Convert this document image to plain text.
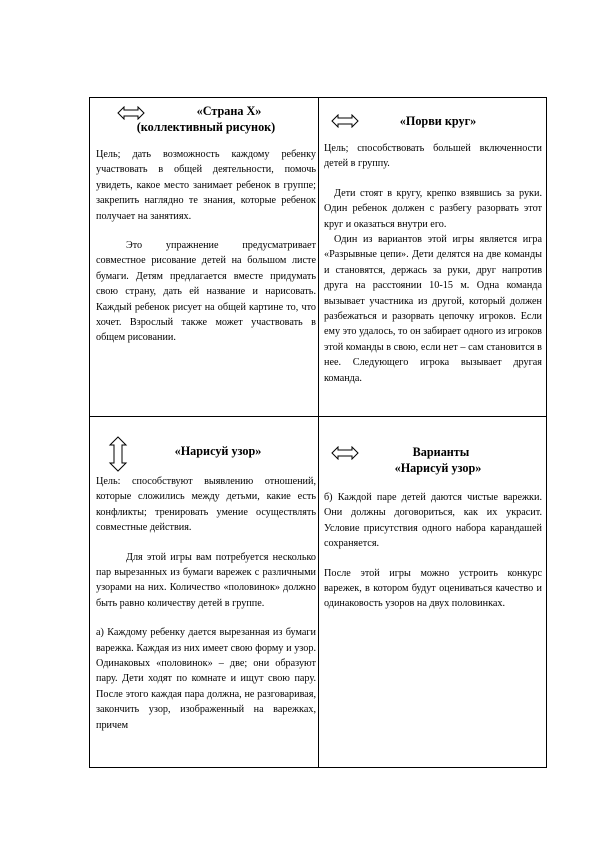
«Страна Х»
(коллективный рисунок)

Цель; дать возможность каждому ребенку участвовать в общей деятельности, помочь увидеть, какое место занимает ребенок в группе; закрепить наглядно те знания, которые ребенок получает на занятиях.

Это упражнение предусматривает совместное рисование детей на большом листе бумаги. Детям предлагается вместе придумать свою страну, дать ей название и нарисовать. Каждый ребенок рисует на общей картине то, что хочет. Взрослый также может участвовать в общем рисовании.

«Порви круг»

Цель; способствовать большей включенности детей в группу.

Дети стоят в кругу, крепко взявшись за руки. Один ребенок должен с разбегу разорвать этот круг и оказаться внутри его.

Один из вариантов этой игры является игра «Разрывные цепи». Дети делятся на две команды и становятся, держась за руки, друг напротив друга на расстоянии 10-15 м. Одна команда вызывает участника из другой, который должен разбежаться и разорвать цепочку игроков. Если ему это удалось, то он забирает одного из игроков этой команды в свою, если нет – сам становится в нее. Следующего игрока вызывает другая команда.

«Нарисуй узор»

Цель: способствуют выявлению отношений, которые сложились между детьми, какие есть конфликты; тренировать умение осуществлять совместные действия.

Для этой игры вам потребуется несколько пар вырезанных из бумаги варежек с различными узорами на них. Количество «половинок» должно быть равно количеству детей в группе.

а) Каждому ребенку дается вырезанная из бумаги варежка. Каждая из них имеет свою форму и узор. Одинаковых «половинок» – две; они образуют пару. Дети ходят по комнате и ищут свою пару. После этого каждая пара должна, не разговаривая, закончить узор, изображенный на варежках, причем

Варианты
«Нарисуй узор»

б) Каждой паре детей даются чистые варежки. Они должны договориться, как их украсит. Условие присутствия одного набора карандашей сохраняется.

После этой игры можно устроить конкурс варежек, в котором будут оцениваться качество и одинаковость узоров на двух половинках.
